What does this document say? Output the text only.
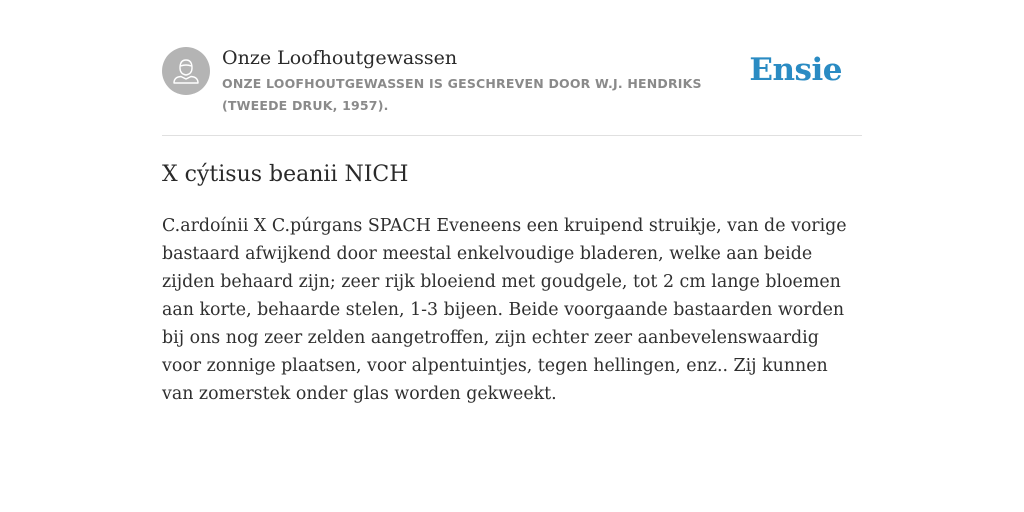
Onze Loofhoutgewassen
ONZE LOOFHOUTGEWASSEN IS GESCHREVEN DOOR W.J. HENDRIKS (TWEEDE DRUK, 1957).
Ensie
X cýtisus beanii NICH

C.ardoínii X C.púrgans SPACH Eveneens een kruipend struikje, van de vorige bastaard afwijkend door meestal enkelvoudige bladeren, welke aan beide zijden behaard zijn; zeer rijk bloeiend met goudgele, tot 2 cm lange bloemen aan korte, behaarde stelen, 1-3 bijeen. Beide voorgaande bastaarden worden bij ons nog zeer zelden aangetroffen, zijn echter zeer aanbevelenswaardig voor zonnige plaatsen, voor alpentuintjes, tegen hellingen, enz.. Zij kunnen van zomerstek onder glas worden gekweekt.
